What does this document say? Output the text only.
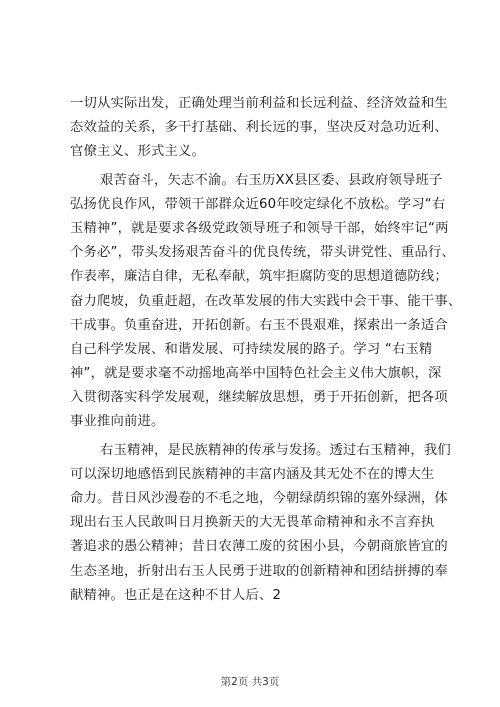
一切从实际出发，正确处理当前利益和长远利益、经济效益和生
态效益的关系，多干打基础、利长远的事，坚决反对急功近利、
官僚主义、形式主义。
艰苦奋斗，矢志不渝。右玉历XX县区委、县政府领导班子
弘扬优良作风，带领干部群众近60年咬定绿化不放松。学习“右
玉精神”，就是要求各级党政领导班子和领导干部，始终牢记“两
个务必”，带头发扬艰苦奋斗的优良传统，带头讲党性、重品行、
作表率，廉洁自律，无私奉献，筑牢拒腐防变的思想道德防线；
奋力爬坡，负重赶超，在改革发展的伟大实践中会干事、能干事、
干成事。负重奋进，开拓创新。右玉不畏艰难，探索出一条适合
自己科学发展、和谐发展、可持续发展的路子。学习 “右玉精
神”，就是要求毫不动摇地高举中国特色社会主义伟大旗帜，深
入贯彻落实科学发展观，继续解放思想，勇于开拓创新，把各项
事业推向前进。
右玉精神，是民族精神的传承与发扬。透过右玉精神，我们
可以深切地感悟到民族精神的丰富内涵及其无处不在的博大生
命力。昔日风沙漫卷的不毛之地，今朝绿荫织锦的塞外绿洲，体
现出右玉人民敢叫日月换新天的大无畏革命精神和永不言弃执
著追求的愚公精神；昔日农薄工废的贫困小县，今朝商旅皆宜的
生态圣地，折射出右玉人民勇于进取的创新精神和团结拼搏的奉
献精神。也正是在这种不甘人后、2
第2页 共3页
